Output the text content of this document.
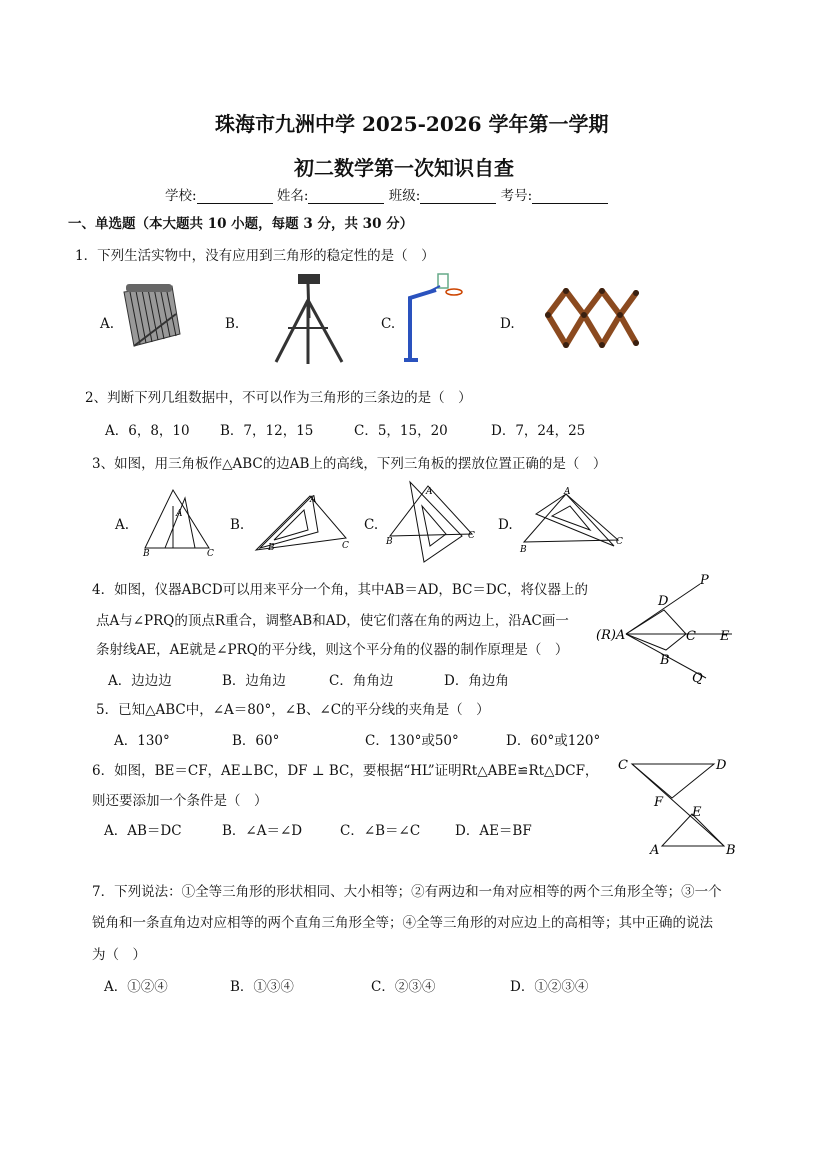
珠海市九洲中学 2025-2026 学年第一学期
初二数学第一次知识自查
学校:	姓名:	班级:	考号:
一、单选题（本大题共 10 小题，每题 3 分，共 30 分）
1．下列生活实物中，没有应用到三角形的稳定性的是（　）
A.	B.	C.	D.
2、判断下列几组数据中，不可以作为三角形的三条边的是（　）
A．6，8，10 B．7，12，15	C．5，15，20	D．7，24，25
3、如图，用三角板作△ABC的边AB上的高线，下列三角板的摆放位置正确的是（　）
A.	B.	C.	D.
A
B	C
A
B	C
A
B
C
A
B
C
4．如图，仪器ABCD可以用来平分一个角，其中AB＝AD，BC＝DC，将仪器上的
点A与∠PRQ的顶点R重合，调整AB和AD，使它们落在角的两边上，沿AC画一
条射线AE，AE就是∠PRQ的平分线，则这个平分角的仪器的制作原理是（　）
A．边边边	B．边角边	C．角角边	D．角边角
P
D
(R)A	C E
B
Q
5．已知△ABC中，∠A＝80°，∠B、∠C的平分线的夹角是（　）
A．130°	B．60°	C．130°或50°	D．60°或120°
6．如图，BE＝CF，AE⊥BC，DF ⊥ BC，要根据“HL”证明Rt△ABE≌Rt△DCF，
则还要添加一个条件是（　）
A．AB＝DC	B．∠A＝∠D	C．∠B＝∠C	D．AE＝BF
C	D
F
E
A	B
7．下列说法：①全等三角形的形状相同、大小相等；②有两边和一角对应相等的两个三角形全等；③一个
锐角和一条直角边对应相等的两个直角三角形全等；④全等三角形的对应边上的高相等；其中正确的说法
为（　）
A．①②④	B．①③④	C．②③④	D．①②③④
